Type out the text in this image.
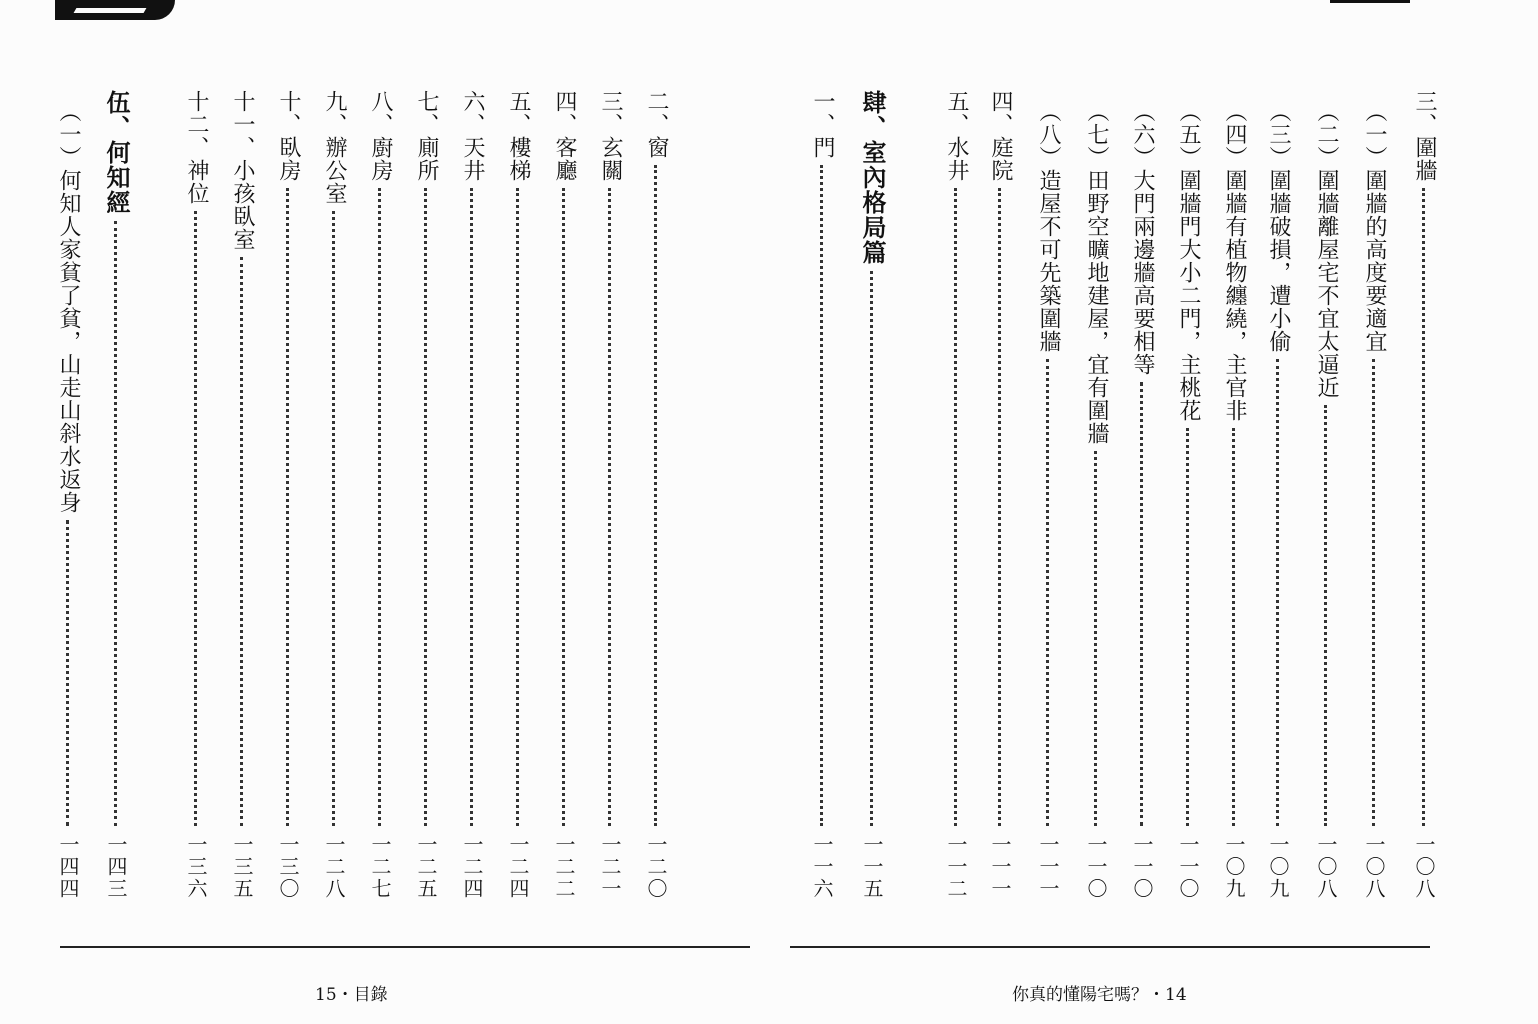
二、窗
一二〇
三、玄關
一二一
四、客廳
一二二
五、樓梯
一二四
六、天井
一二四
七、廁所
一二五
八、廚房
一二七
九、辦公室
一二八
十、臥房
一三〇
十一、小孩臥室
一三五
十二、神位
一三六
伍、何知經
一四三
（一）何知人家貧了貧，山走山斜水返身
一四四
三、圍牆
一〇八
（一）圍牆的高度要適宜
一〇八
（二）圍牆離屋宅不宜太逼近
一〇八
（三）圍牆破損，遭小偷
一〇九
（四）圍牆有植物纏繞，主官非
一〇九
（五）圍牆門大小二門，主桃花
一一〇
（六）大門兩邊牆高要相等
一一〇
（七）田野空曠地建屋，宜有圍牆
一一〇
（八）造屋不可先築圍牆
一一一
四、庭院
一一一
五、水井
一一二
肆、室內格局篇
一一五
一、門
一一六
15・目錄	你真的懂陽宅嗎？・14
